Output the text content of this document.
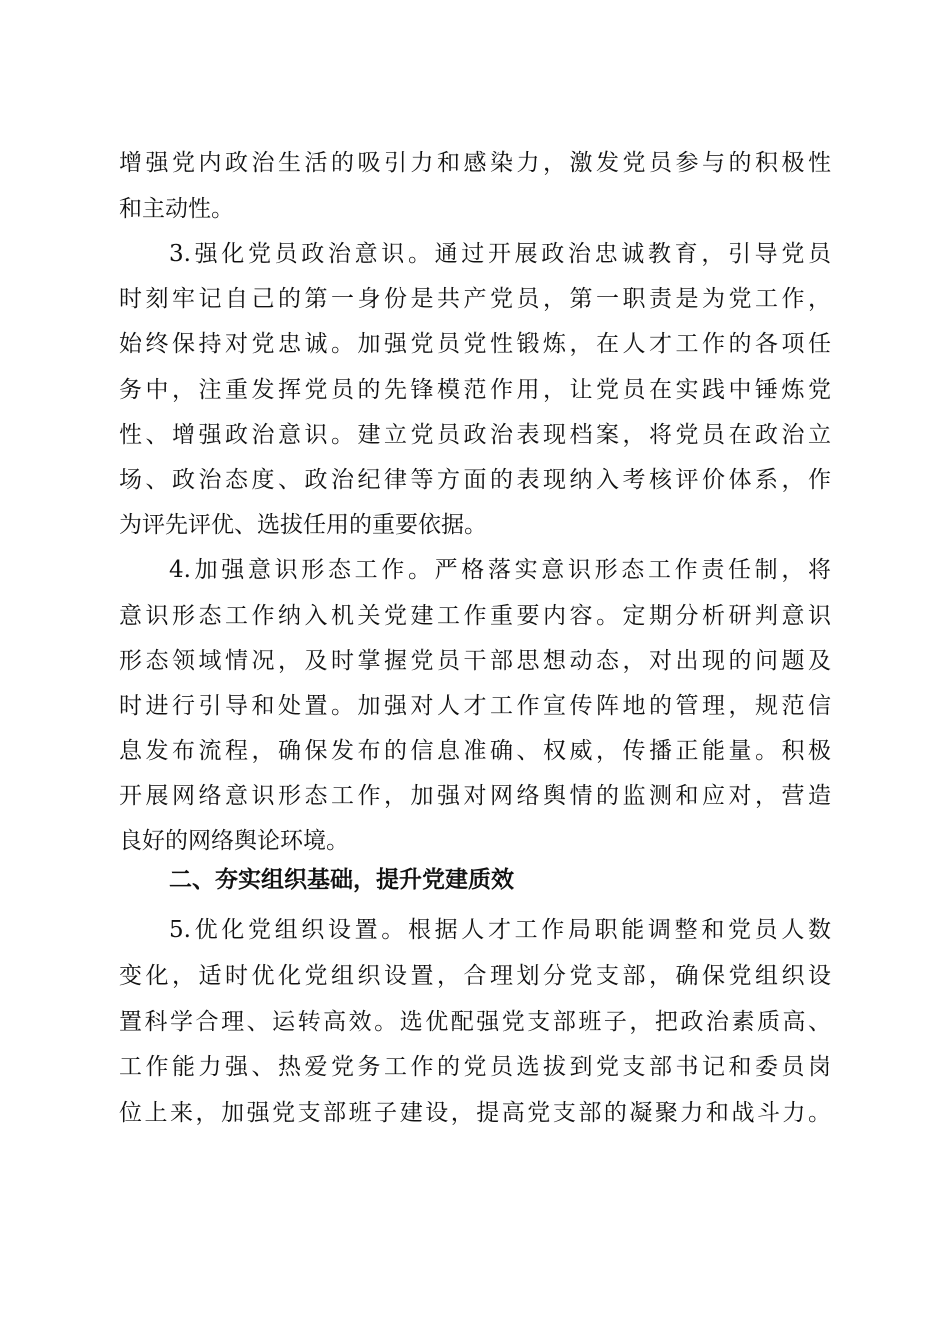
增强党内政治生活的吸引力和感染力，激发党员参与的积极性
和主动性。
3.强化党员政治意识。通过开展政治忠诚教育，引导党员
时刻牢记自己的第一身份是共产党员，第一职责是为党工作，
始终保持对党忠诚。加强党员党性锻炼，在人才工作的各项任
务中，注重发挥党员的先锋模范作用，让党员在实践中锤炼党
性、增强政治意识。建立党员政治表现档案，将党员在政治立
场、政治态度、政治纪律等方面的表现纳入考核评价体系，作
为评先评优、选拔任用的重要依据。
4.加强意识形态工作。严格落实意识形态工作责任制，将
意识形态工作纳入机关党建工作重要内容。定期分析研判意识
形态领域情况，及时掌握党员干部思想动态，对出现的问题及
时进行引导和处置。加强对人才工作宣传阵地的管理，规范信
息发布流程，确保发布的信息准确、权威，传播正能量。积极
开展网络意识形态工作，加强对网络舆情的监测和应对，营造
良好的网络舆论环境。
二、夯实组织基础，提升党建质效
5.优化党组织设置。根据人才工作局职能调整和党员人数
变化，适时优化党组织设置，合理划分党支部，确保党组织设
置科学合理、运转高效。选优配强党支部班子，把政治素质高、
工作能力强、热爱党务工作的党员选拔到党支部书记和委员岗
位上来，加强党支部班子建设，提高党支部的凝聚力和战斗力。
